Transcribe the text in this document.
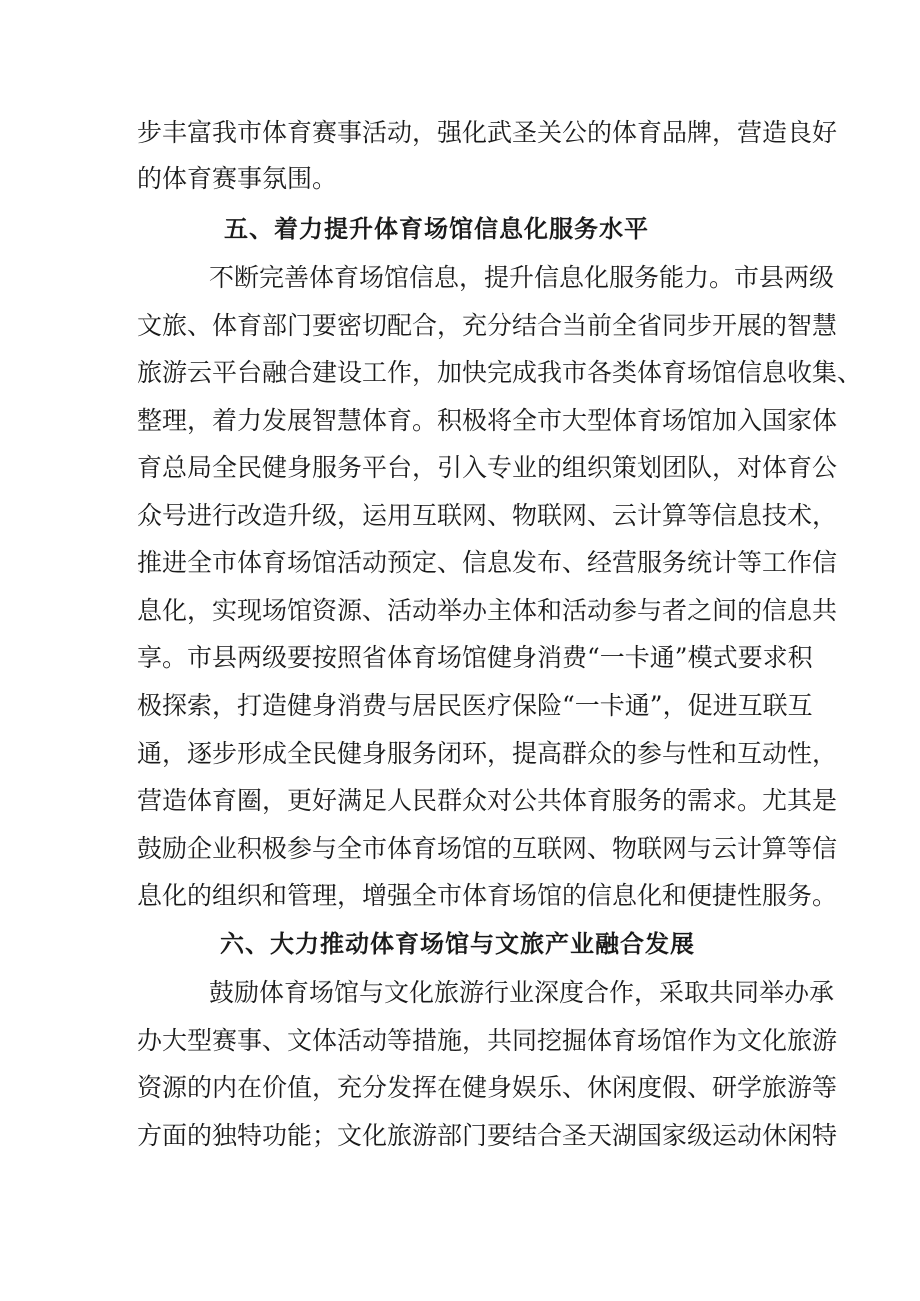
步丰富我市体育赛事活动，强化武圣关公的体育品牌，营造良好
的体育赛事氛围。
五、着力提升体育场馆信息化服务水平
不断完善体育场馆信息，提升信息化服务能力。市县两级
文旅、体育部门要密切配合，充分结合当前全省同步开展的智慧
旅游云平台融合建设工作，加快完成我市各类体育场馆信息收集、
整理，着力发展智慧体育。积极将全市大型体育场馆加入国家体
育总局全民健身服务平台，引入专业的组织策划团队，对体育公
众号进行改造升级，运用互联网、物联网、云计算等信息技术，
推进全市体育场馆活动预定、信息发布、经营服务统计等工作信
息化，实现场馆资源、活动举办主体和活动参与者之间的信息共
享。市县两级要按照省体育场馆健身消费“一卡通”模式要求积
极探索，打造健身消费与居民医疗保险“一卡通”，促进互联互
通，逐步形成全民健身服务闭环，提高群众的参与性和互动性，
营造体育圈，更好满足人民群众对公共体育服务的需求。尤其是
鼓励企业积极参与全市体育场馆的互联网、物联网与云计算等信
息化的组织和管理，增强全市体育场馆的信息化和便捷性服务。
六、大力推动体育场馆与文旅产业融合发展
鼓励体育场馆与文化旅游行业深度合作，采取共同举办承
办大型赛事、文体活动等措施，共同挖掘体育场馆作为文化旅游
资源的内在价值，充分发挥在健身娱乐、休闲度假、研学旅游等
方面的独特功能；文化旅游部门要结合圣天湖国家级运动休闲特
